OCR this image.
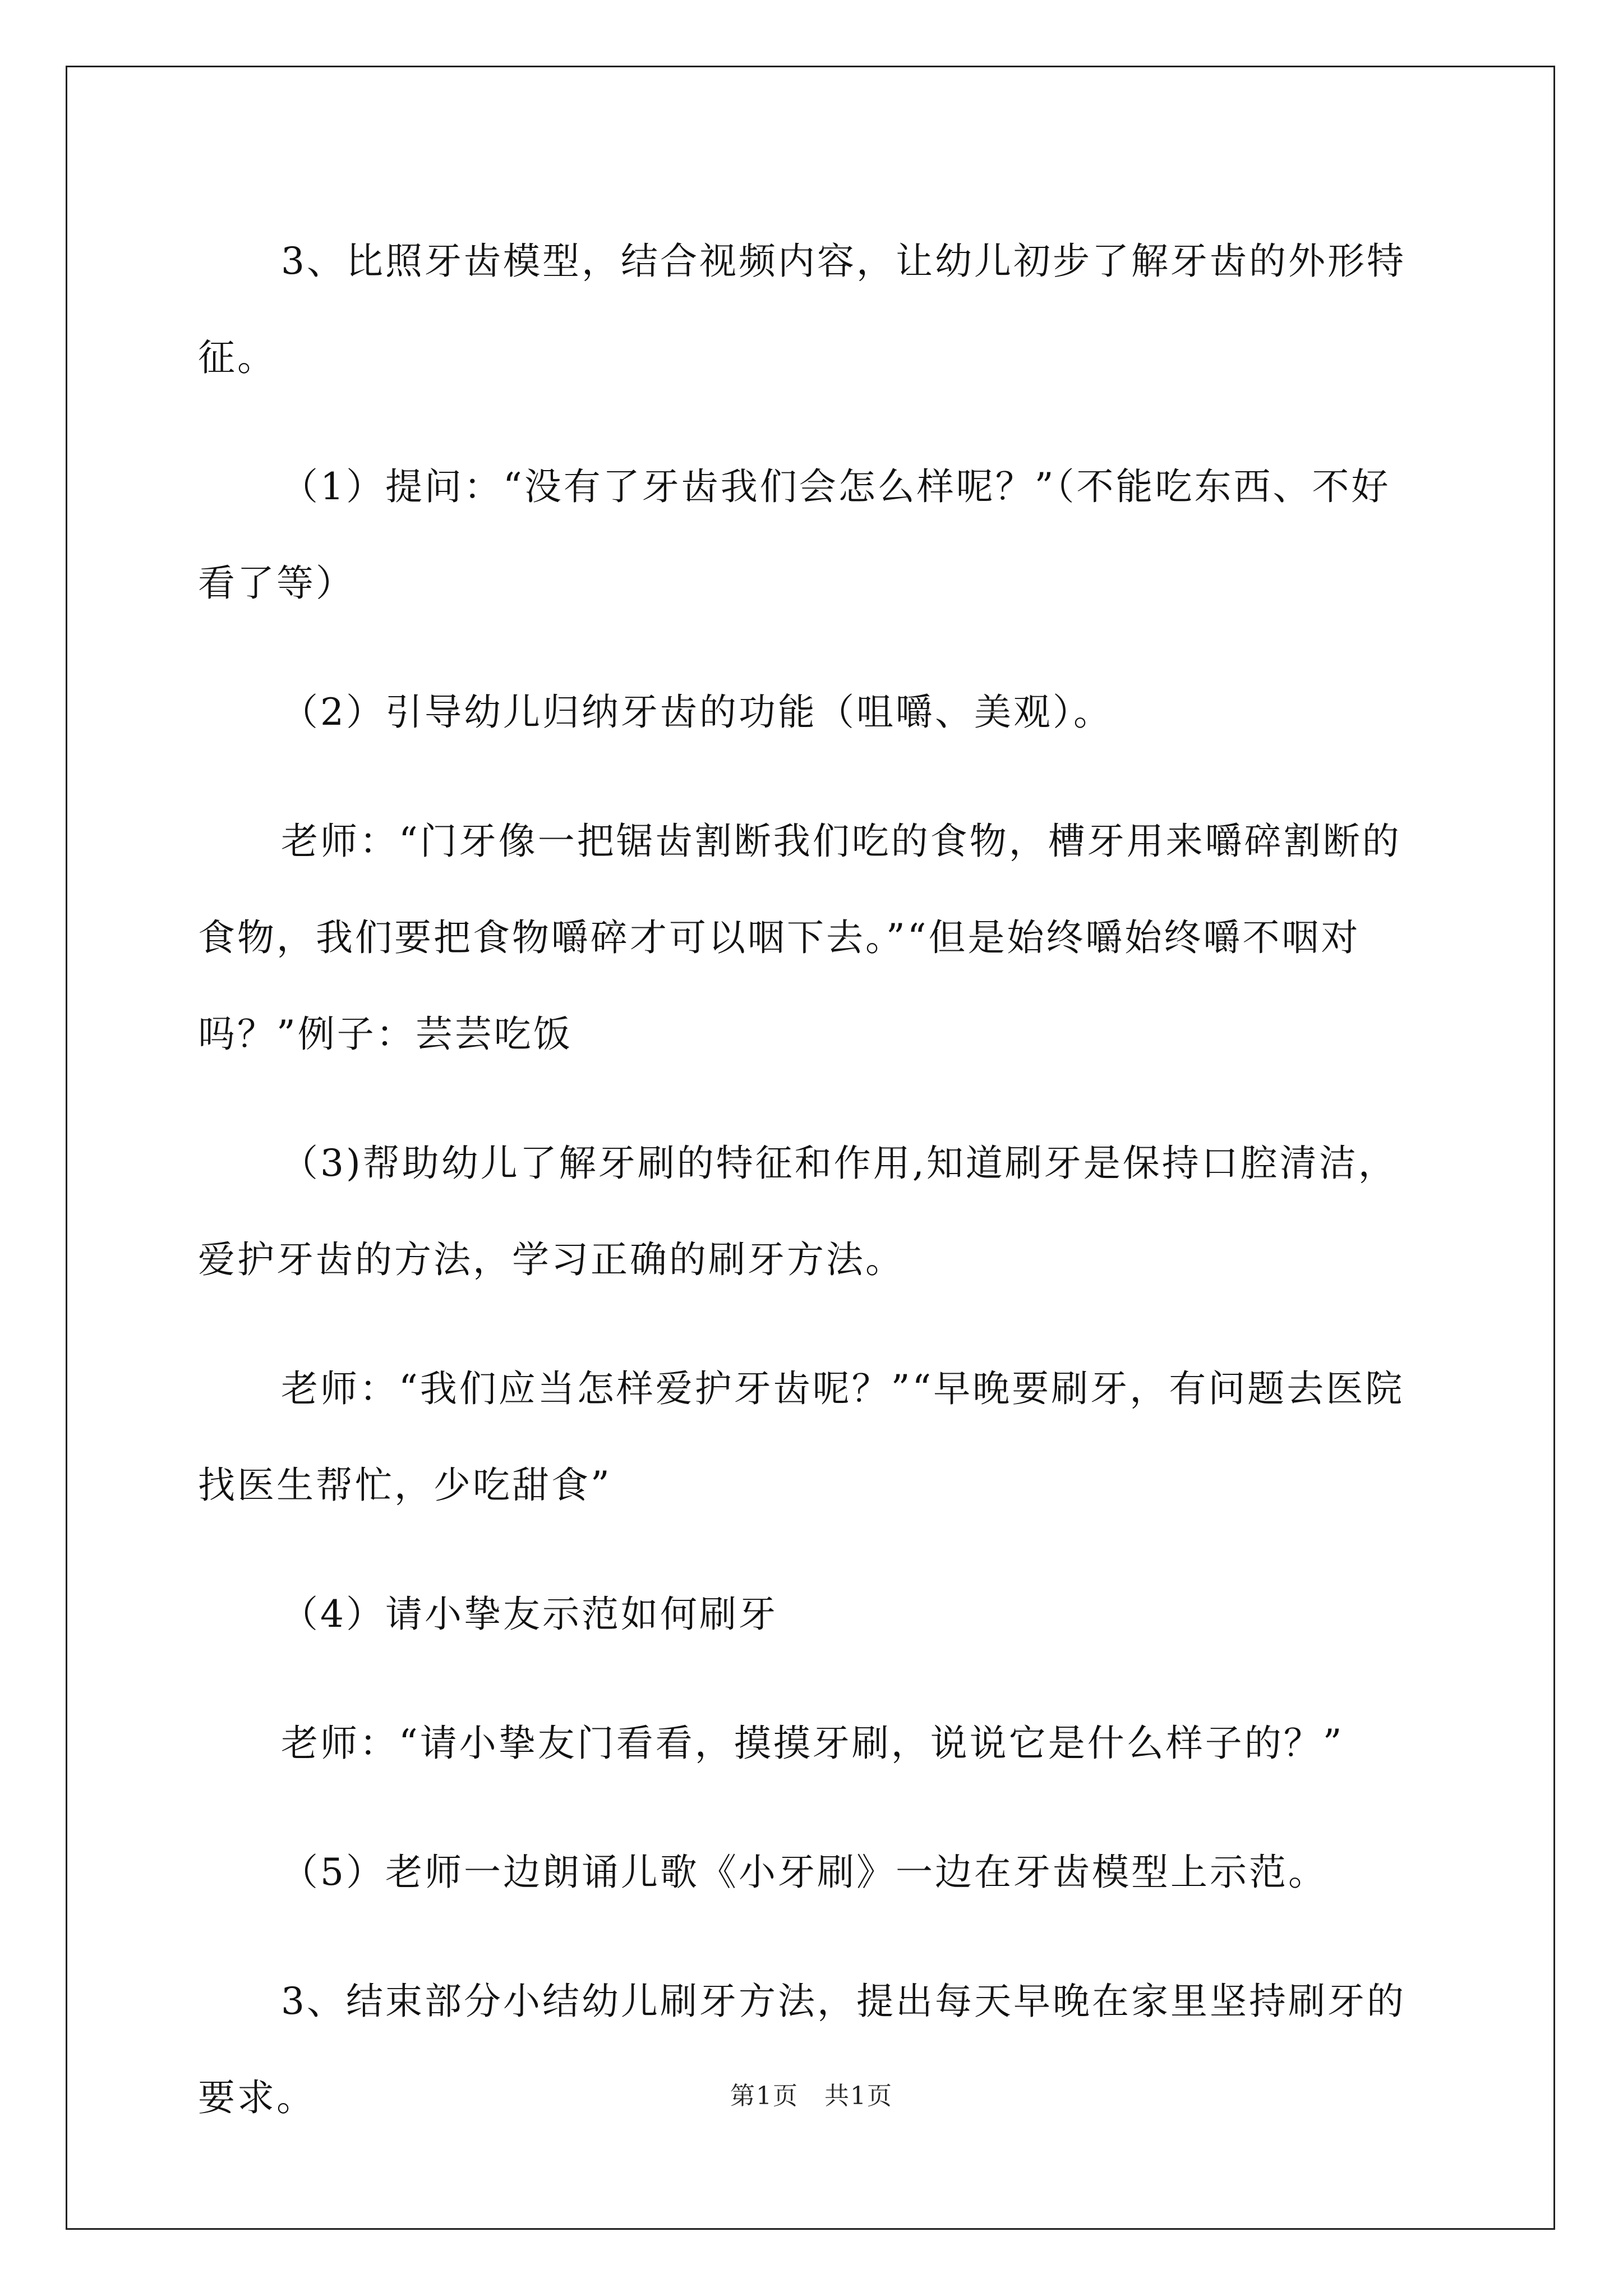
3、比照牙齿模型，结合视频内容，让幼儿初步了解牙齿的外形特征。

（1）提问：“没有了牙齿我们会怎么样呢？”（不能吃东西、不好看了等）

（2）引导幼儿归纳牙齿的功能（咀嚼、美观）。

老师：“门牙像一把锯齿割断我们吃的食物，槽牙用来嚼碎割断的食物，我们要把食物嚼碎才可以咽下去。”“但是始终嚼始终嚼不咽对吗？”例子：芸芸吃饭

（3)帮助幼儿了解牙刷的特征和作用,知道刷牙是保持口腔清洁，爱护牙齿的方法，学习正确的刷牙方法。

老师：“我们应当怎样爱护牙齿呢？”“早晚要刷牙，有问题去医院找医生帮忙，少吃甜食”

（4）请小挚友示范如何刷牙

老师：“请小挚友门看看，摸摸牙刷，说说它是什么样子的？”

（5）老师一边朗诵儿歌《小牙刷》一边在牙齿模型上示范。

3、结束部分小结幼儿刷牙方法，提出每天早晚在家里坚持刷牙的要求。	第1页　共1页
